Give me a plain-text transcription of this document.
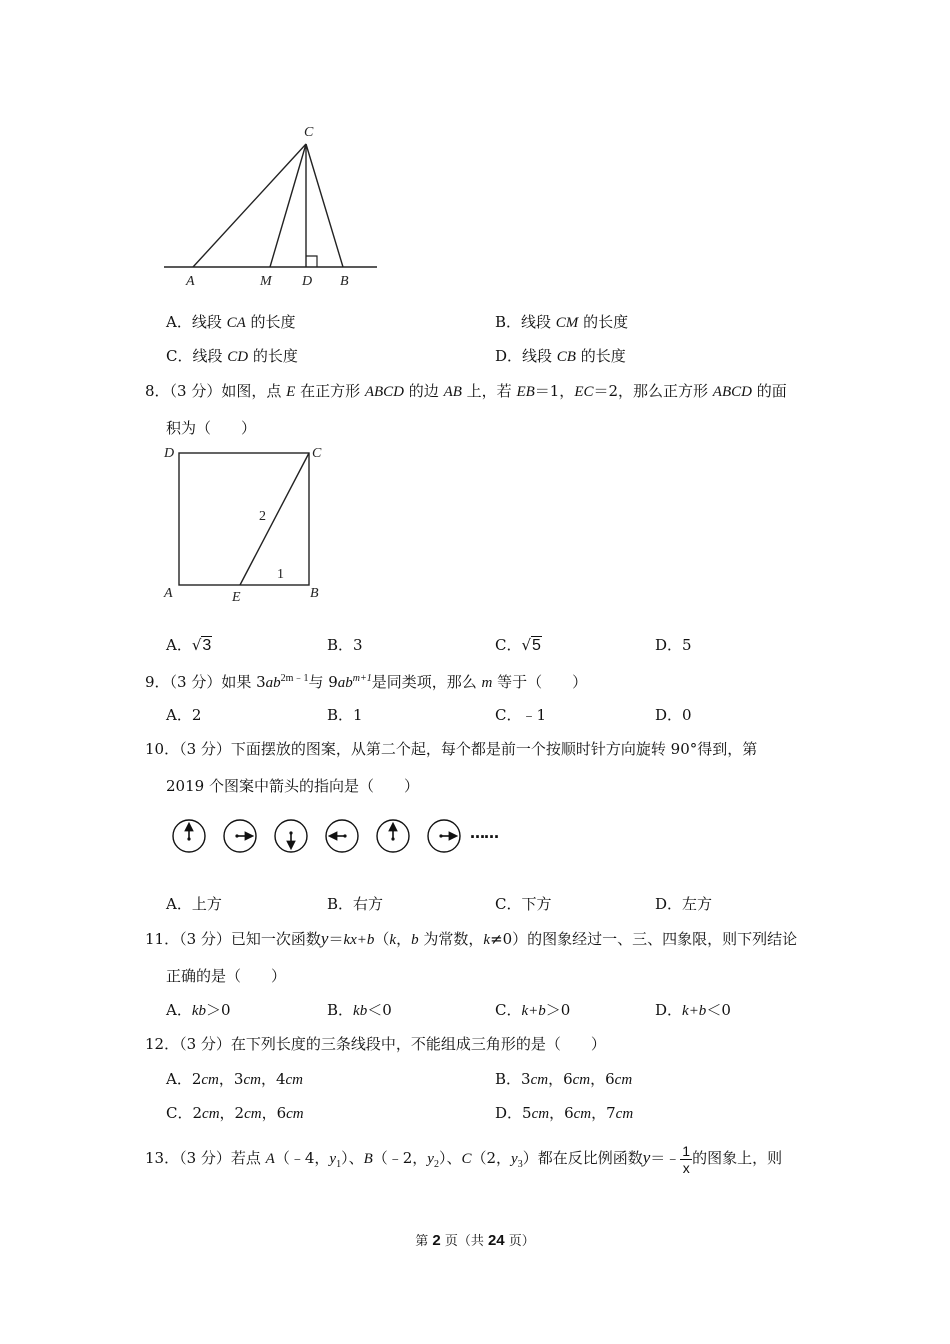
C
A	M D B
A．线段 CA 的长度	B．线段 CM 的长度
C．线段 CD 的长度	D．线段 CB 的长度
8．（3 分）如图，点 E 在正方形 ABCD 的边 AB 上，若 EB＝1，EC＝2，那么正方形 ABCD 的面
积为（　　）
D	C
A	E	B
2
1
A．√3	B．3	C．√5	D．5
9．（3 分）如果 $3ab^{2m﹣1}$与 $9ab^{m+1}$是同类项，那么 m 等于（　　）
A．2	B．1	C．﹣1	D．0
10．（3 分）下面摆放的图案，从第二个起，每个都是前一个按顺时针方向旋转 90°得到，第
2019 个图案中箭头的指向是（　　）
……
A．上方	B．右方	C．下方	D．左方
11．（3 分）已知一次函数y＝kx+b（k，b 为常数，k≠0）的图象经过一、三、四象限，则下列结论
正确的是（　　）
A．kb＞0	B．kb＜0	C．k+b＞0	D．k+b＜0
12．（3 分）在下列长度的三条线段中，不能组成三角形的是（　　）
A．2cm，3cm，4cm	B．3cm，6cm，6cm
C．2cm，2cm，6cm	D．5cm，6cm，7cm
13．（3 分）若点 A（﹣4，$y_1$）、B（﹣2，$y_2$）、C（2，$y_3$）都在反比例函数y＝﹣ $\frac{1}{x}$ 的图象上，则
第 2 页（共 24 页）
